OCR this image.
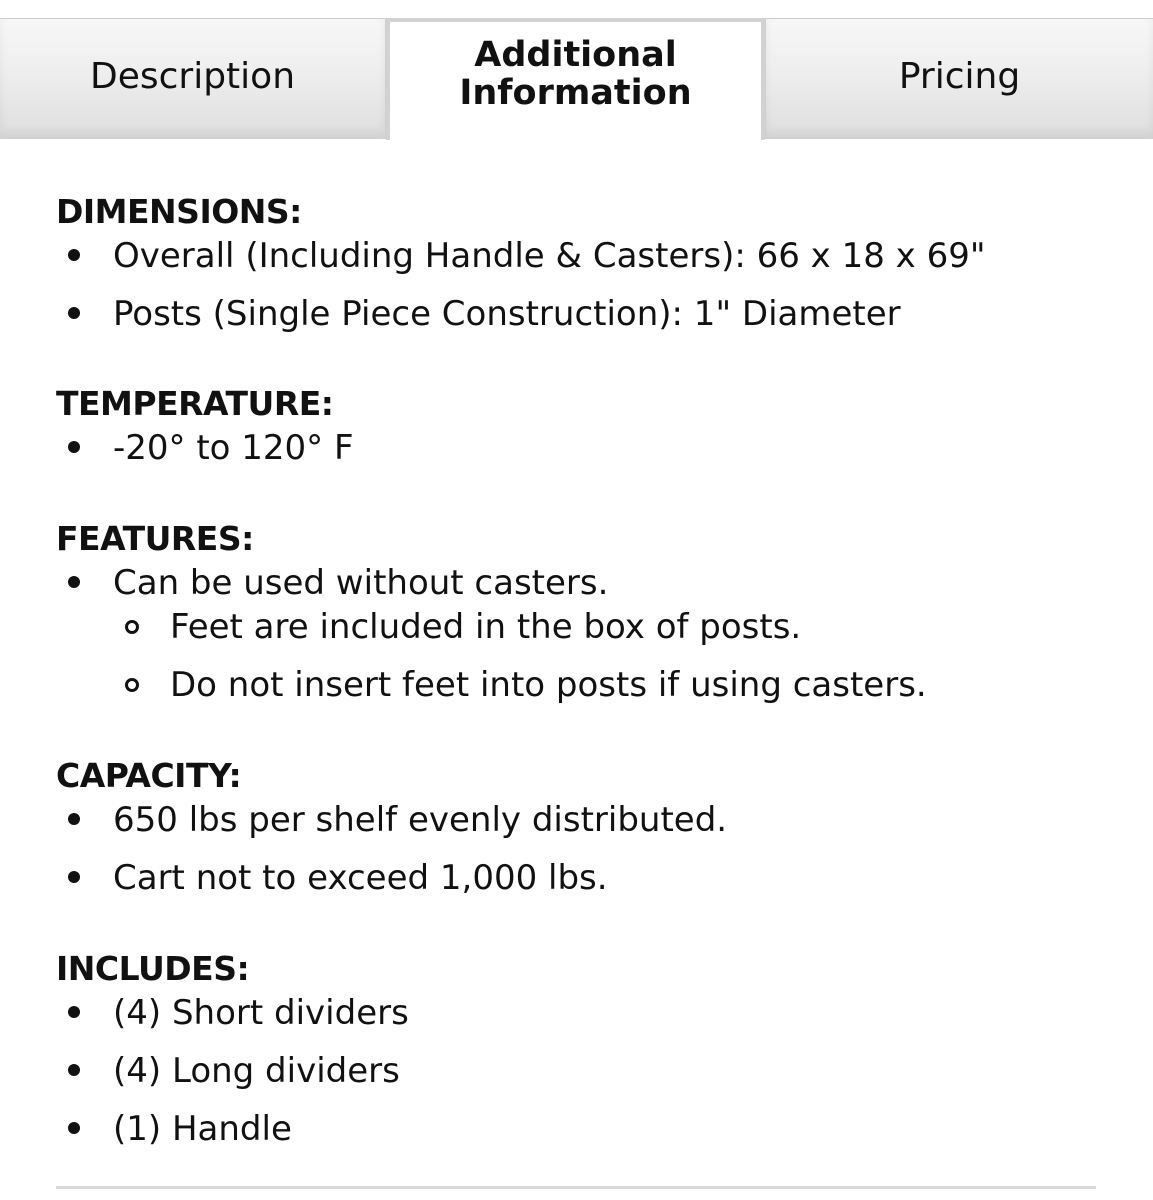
Description
Additional
Information	Pricing
DIMENSIONS:
Overall (Including Handle & Casters): 66 x 18 x 69"
Posts (Single Piece Construction): 1" Diameter
TEMPERATURE:
-20° to 120° F
FEATURES:
Can be used without casters.
Feet are included in the box of posts.
Do not insert feet into posts if using casters.
CAPACITY:
650 lbs per shelf evenly distributed.
Cart not to exceed 1,000 lbs.
INCLUDES:
(4) Short dividers
(4) Long dividers
(1) Handle
